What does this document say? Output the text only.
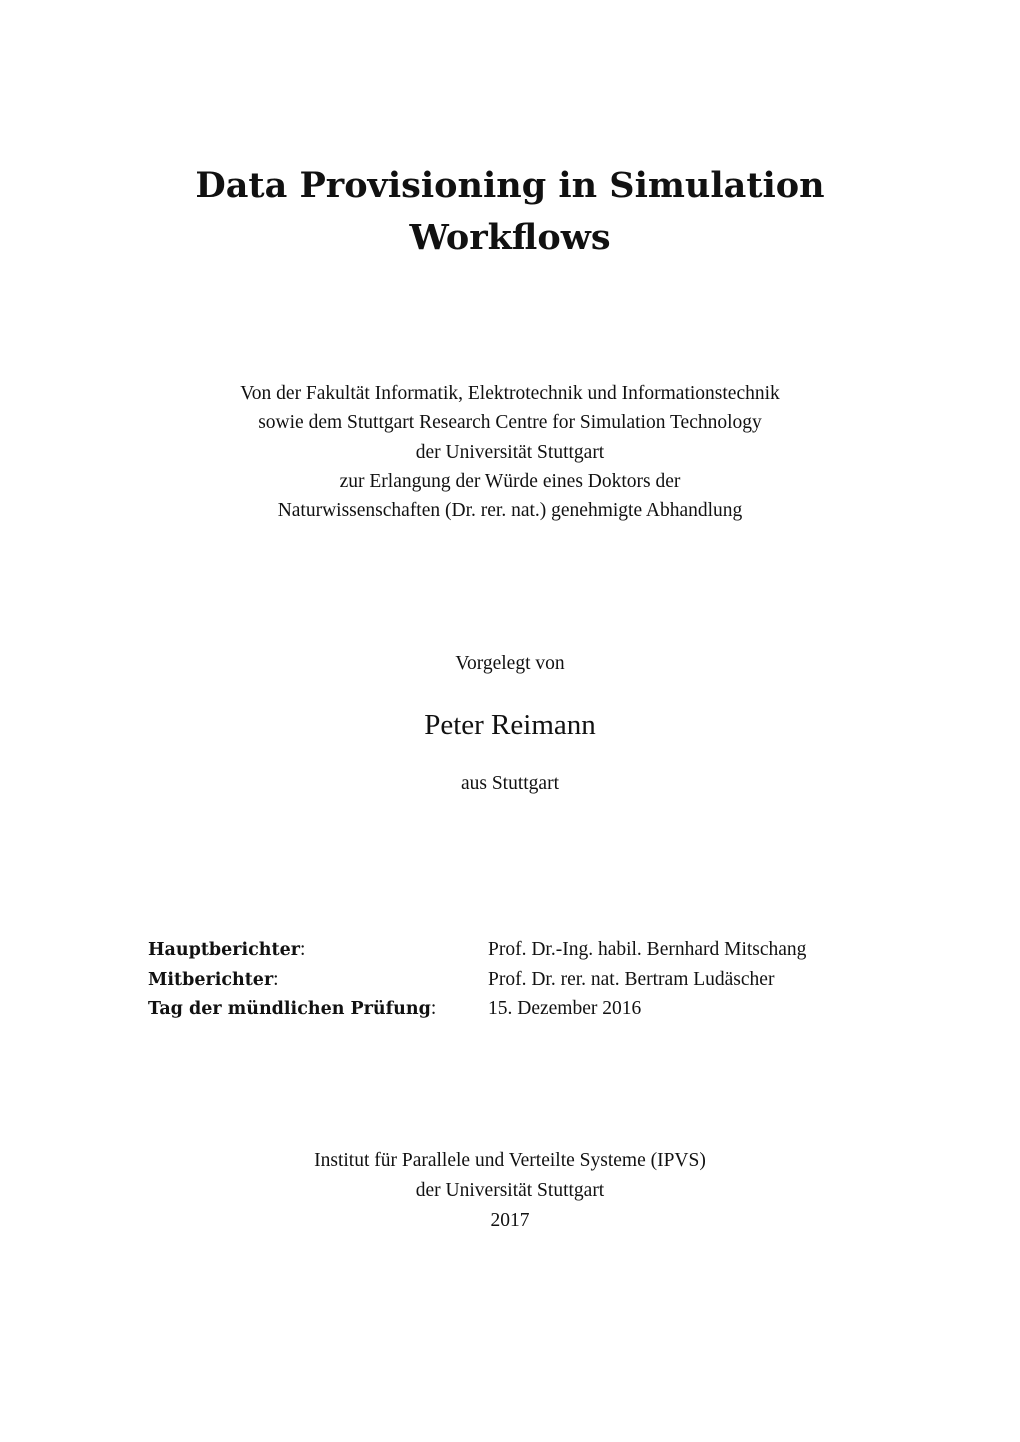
Data Provisioning in Simulation
Workflows
Von der Fakultät Informatik, Elektrotechnik und Informationstechnik
sowie dem Stuttgart Research Centre for Simulation Technology
der Universität Stuttgart
zur Erlangung der Würde eines Doktors der
Naturwissenschaften (Dr. rer. nat.) genehmigte Abhandlung
Vorgelegt von
Peter Reimann
aus Stuttgart
Hauptberichter:	Prof. Dr.-Ing. habil. Bernhard Mitschang
Mitberichter:	Prof. Dr. rer. nat. Bertram Ludäscher
Tag der mündlichen Prüfung:	15. Dezember 2016
Institut für Parallele und Verteilte Systeme (IPVS)
der Universität Stuttgart
2017
